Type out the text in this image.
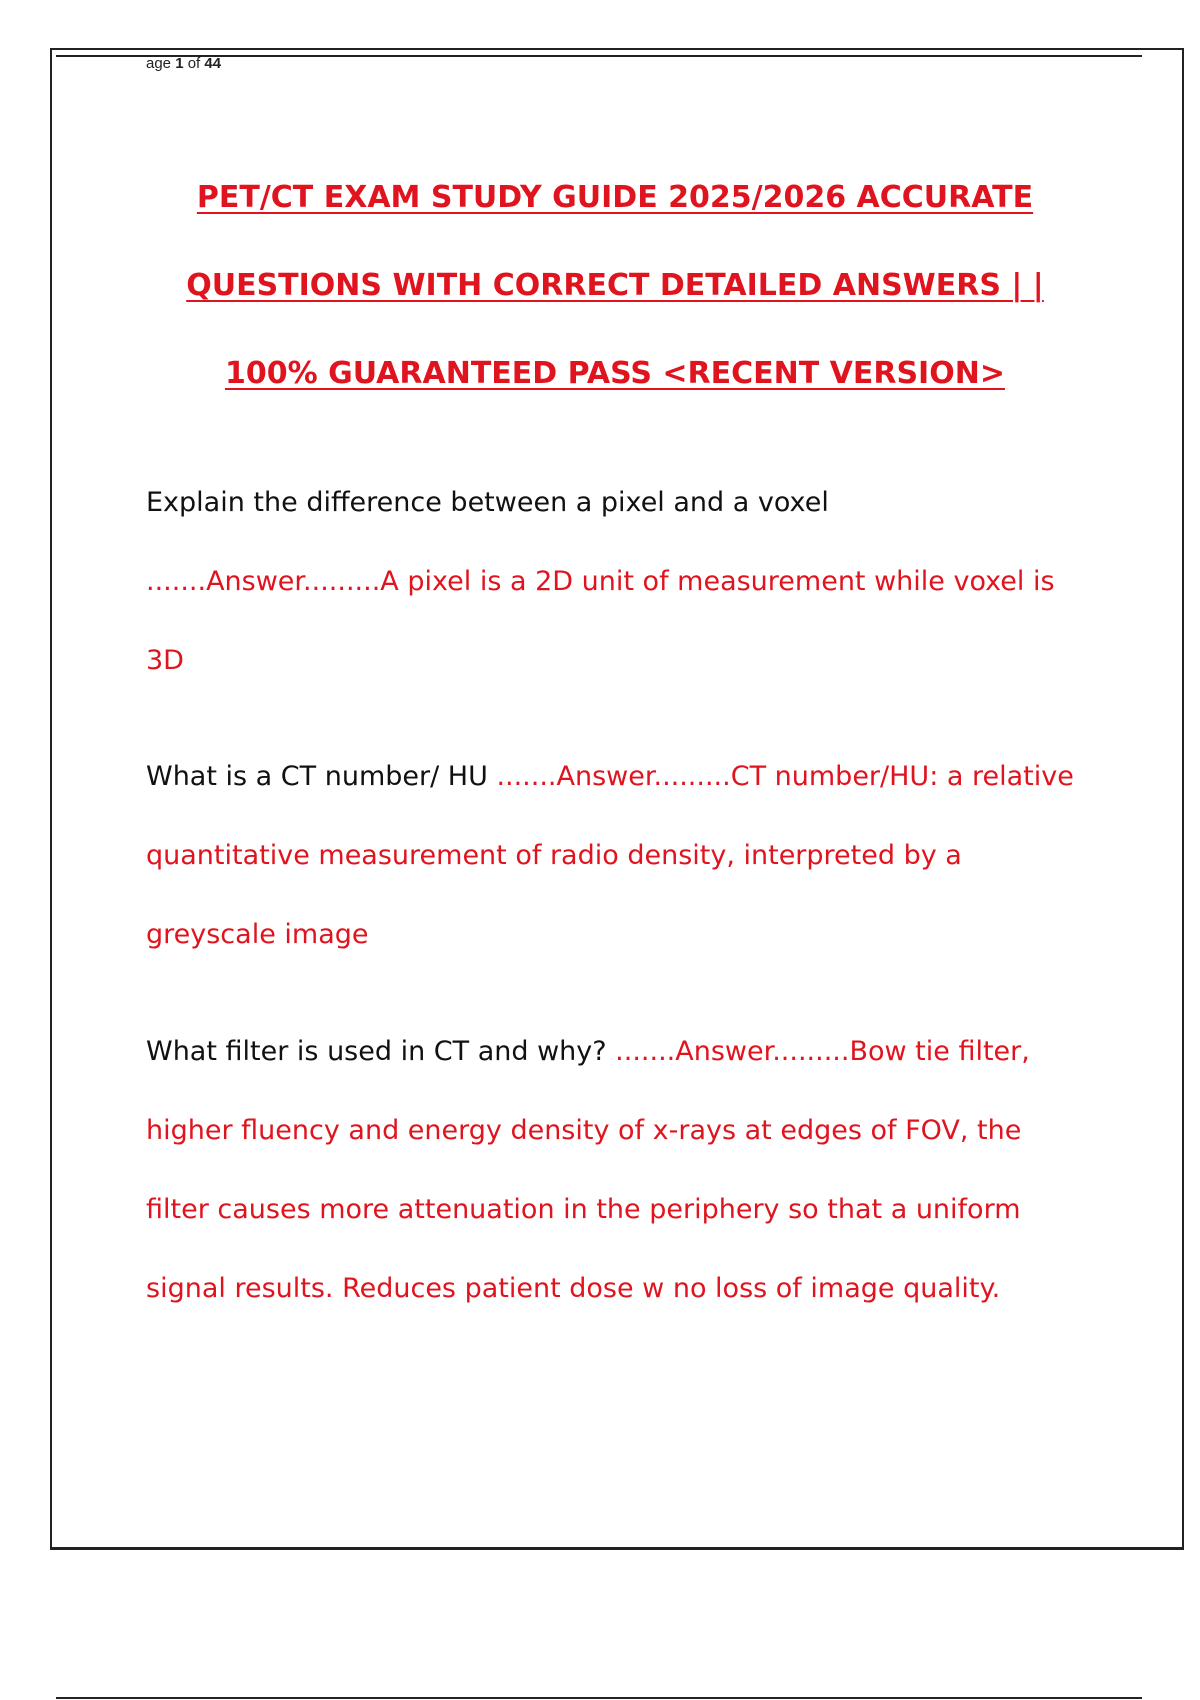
age 1 of 44
PET/CT EXAM STUDY GUIDE 2025/2026 ACCURATE
QUESTIONS WITH CORRECT DETAILED ANSWERS | |
100% GUARANTEED PASS <RECENT VERSION>
Explain the difference between a pixel and a voxel .......Answer.........A pixel is a 2D unit of measurement while voxel is 3D
What is a CT number/ HU .......Answer.........CT number/HU: a relative quantitative measurement of radio density, interpreted by a greyscale image
What filter is used in CT and why? .......Answer.........Bow tie filter, higher fluency and energy density of x-rays at edges of FOV, the filter causes more attenuation in the periphery so that a uniform signal results. Reduces patient dose w no loss of image quality.
